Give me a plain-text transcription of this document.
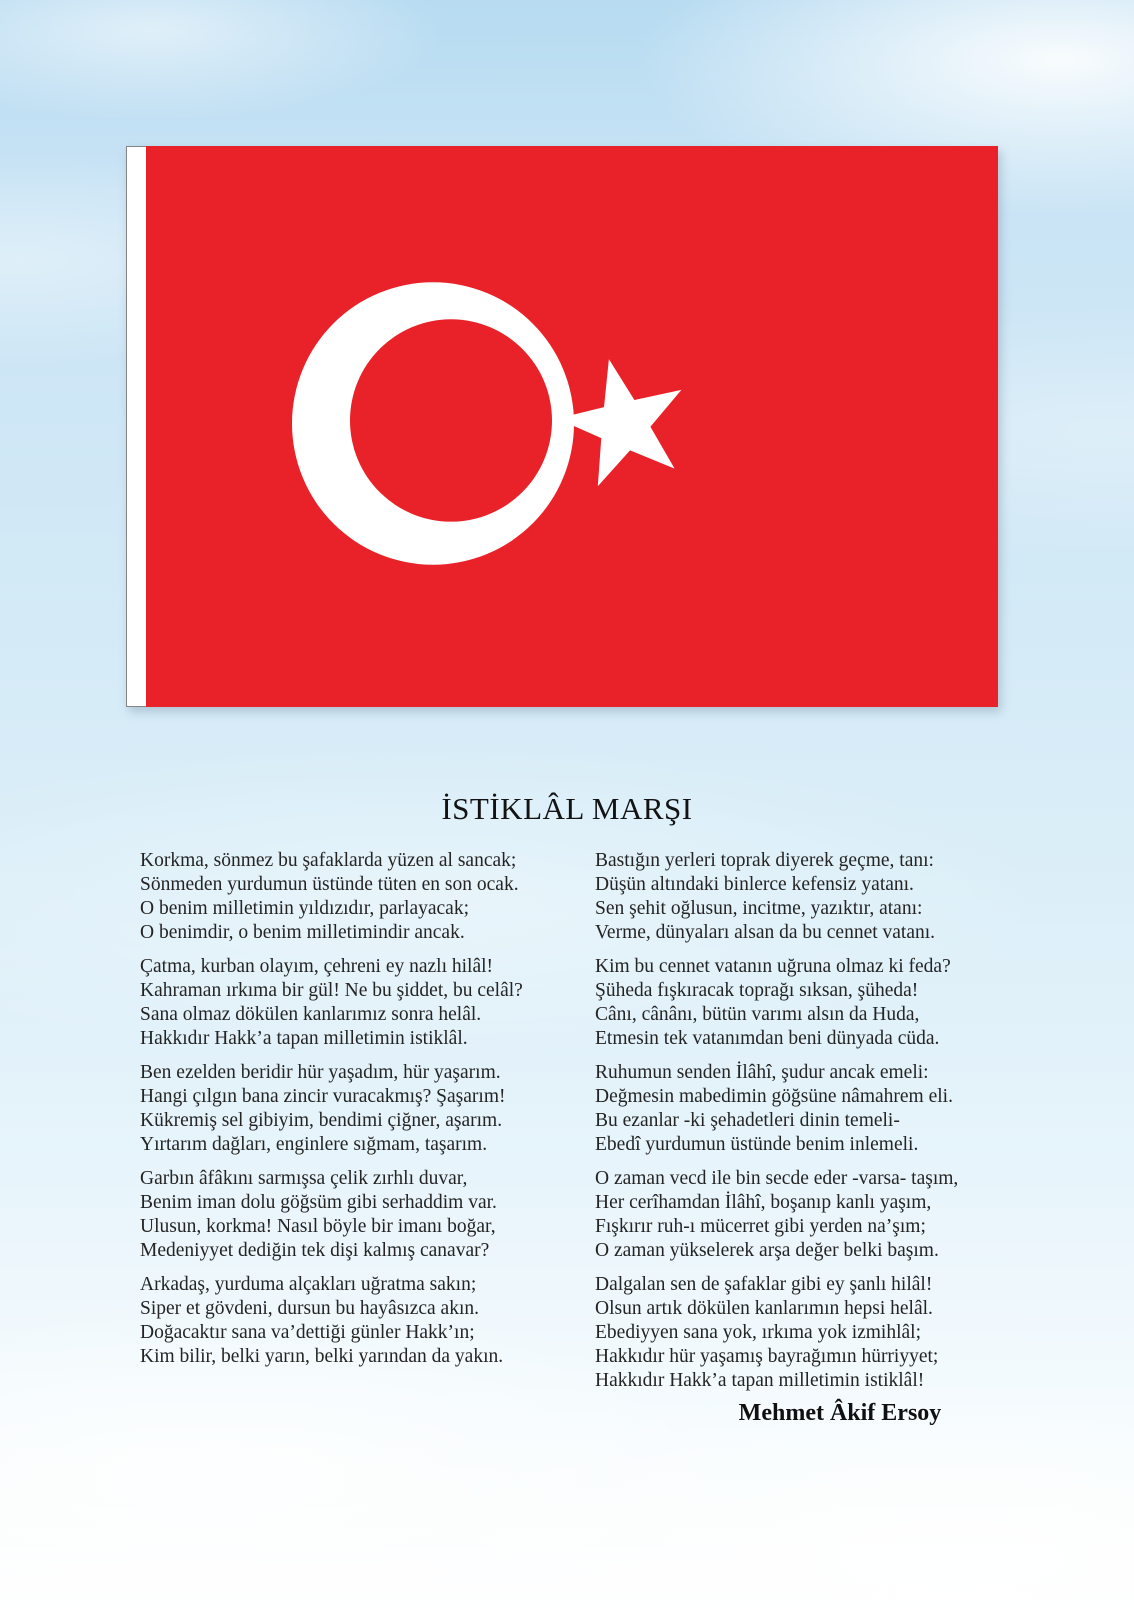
İSTİKLÂL MARŞI
Korkma, sönmez bu şafaklarda yüzen al sancak;
Sönmeden yurdumun üstünde tüten en son ocak.
O benim milletimin yıldızıdır, parlayacak;
O benimdir, o benim milletimindir ancak.
Çatma, kurban olayım, çehreni ey nazlı hilâl!
Kahraman ırkıma bir gül! Ne bu şiddet, bu celâl?
Sana olmaz dökülen kanlarımız sonra helâl.
Hakkıdır Hakk’a tapan milletimin istiklâl.
Ben ezelden beridir hür yaşadım, hür yaşarım.
Hangi çılgın bana zincir vuracakmış? Şaşarım!
Kükremiş sel gibiyim, bendimi çiğner, aşarım.
Yırtarım dağları, enginlere sığmam, taşarım.
Garbın âfâkını sarmışsa çelik zırhlı duvar,
Benim iman dolu göğsüm gibi serhaddim var.
Ulusun, korkma! Nasıl böyle bir imanı boğar,
Medeniyyet dediğin tek dişi kalmış canavar?
Arkadaş, yurduma alçakları uğratma sakın;
Siper et gövdeni, dursun bu hayâsızca akın.
Doğacaktır sana va’dettiği günler Hakk’ın;
Kim bilir, belki yarın, belki yarından da yakın.
Bastığın yerleri toprak diyerek geçme, tanı:
Düşün altındaki binlerce kefensiz yatanı.
Sen şehit oğlusun, incitme, yazıktır, atanı:
Verme, dünyaları alsan da bu cennet vatanı.
Kim bu cennet vatanın uğruna olmaz ki feda?
Şüheda fışkıracak toprağı sıksan, şüheda!
Cânı, cânânı, bütün varımı alsın da Huda,
Etmesin tek vatanımdan beni dünyada cüda.
Ruhumun senden İlâhî, şudur ancak emeli:
Değmesin mabedimin göğsüne nâmahrem eli.
Bu ezanlar -ki şehadetleri dinin temeli-
Ebedî yurdumun üstünde benim inlemeli.
O zaman vecd ile bin secde eder -varsa- taşım,
Her cerîhamdan İlâhî, boşanıp kanlı yaşım,
Fışkırır ruh-ı mücerret gibi yerden na’şım;
O zaman yükselerek arşa değer belki başım.
Dalgalan sen de şafaklar gibi ey şanlı hilâl!
Olsun artık dökülen kanlarımın hepsi helâl.
Ebediyyen sana yok, ırkıma yok izmihlâl;
Hakkıdır hür yaşamış bayrağımın hürriyyet;
Hakkıdır Hakk’a tapan milletimin istiklâl!
Mehmet Âkif Ersoy
